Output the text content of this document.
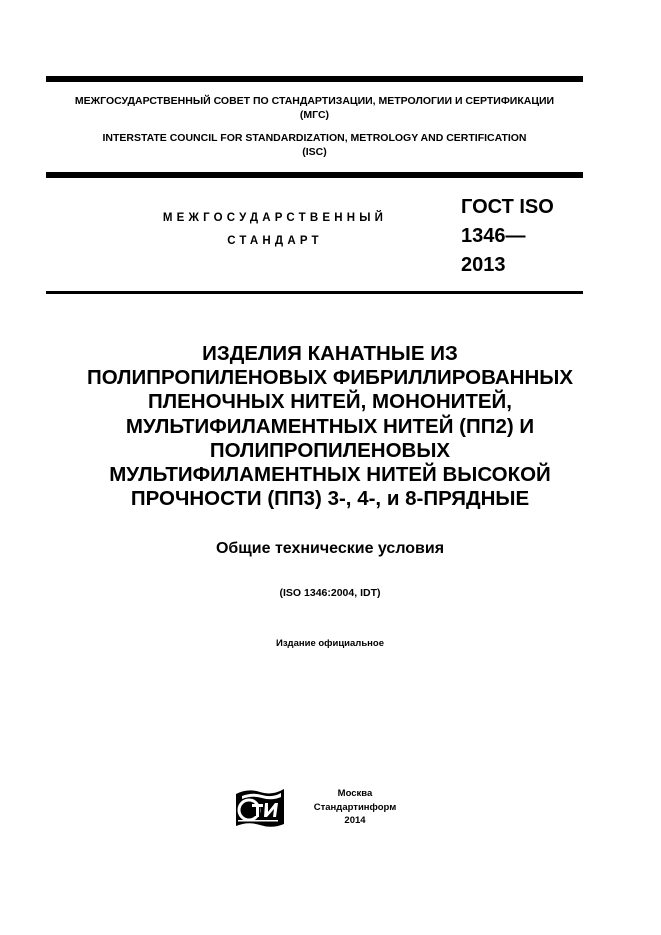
МЕЖГОСУДАРСТВЕННЫЙ СОВЕТ ПО СТАНДАРТИЗАЦИИ, МЕТРОЛОГИИ И СЕРТИФИКАЦИИ
(МГС)
INTERSTATE COUNCIL FOR STANDARDIZATION, METROLOGY AND CERTIFICATION
(ISC)
МЕЖГОСУДАРСТВЕННЫЙ
СТАНДАРТ
ГОСТ ISO
1346—
2013
ИЗДЕЛИЯ КАНАТНЫЕ ИЗ
ПОЛИПРОПИЛЕНОВЫХ ФИБРИЛЛИРОВАННЫХ
ПЛЕНОЧНЫХ НИТЕЙ, МОНОНИТЕЙ,
МУЛЬТИФИЛАМЕНТНЫХ НИТЕЙ (ПП2) И
ПОЛИПРОПИЛЕНОВЫХ
МУЛЬТИФИЛАМЕНТНЫХ НИТЕЙ ВЫСОКОЙ
ПРОЧНОСТИ (ПП3) 3-, 4-, и 8-ПРЯДНЫЕ
Общие технические условия
(ISO 1346:2004, IDT)
Издание официальное
Москва
Стандартинформ
2014
